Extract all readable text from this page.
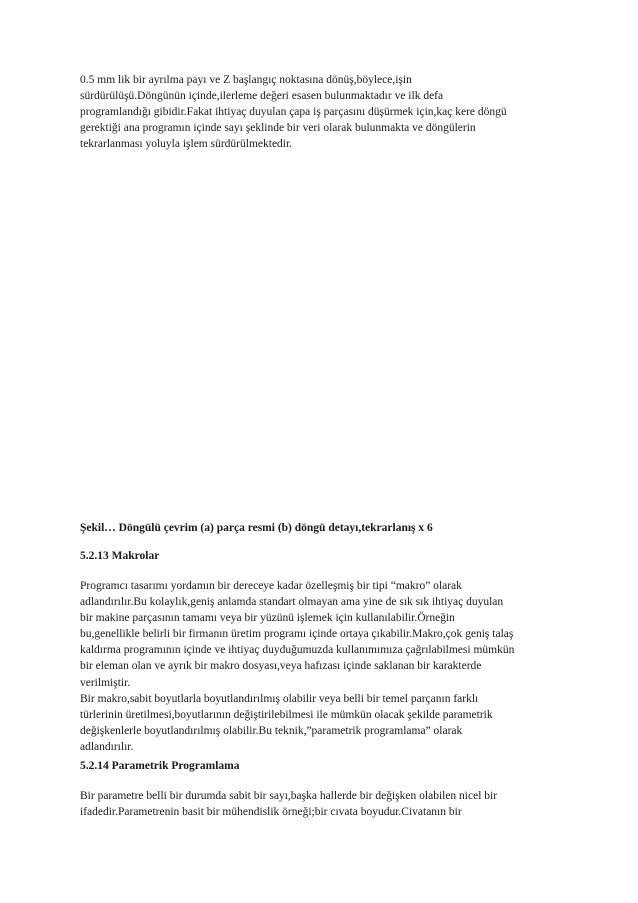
0.5 mm lik bir ayrılma payı ve Z başlangıç noktasına dönüş,böylece,işin
sürdürülüşü.Döngünün içinde,ilerleme değeri esasen bulunmaktadır ve ilk defa
programlandığı gibidir.Fakat ihtiyaç duyulan çapa iş parçasını düşürmek için,kaç kere döngü
gerektiği ana programın içinde sayı şeklinde bir veri olarak bulunmakta ve döngülerin
tekrarlanması yoluyla işlem sürdürülmektedir.
Şekil… Döngülü çevrim (a) parça resmi (b) döngü detayı,tekrarlanış x 6
5.2.13 Makrolar
Programcı tasarımı yordamın bir dereceye kadar özelleşmiş bir tipi “makro” olarak
adlandırılır.Bu kolaylık,geniş anlamda standart olmayan ama yine de sık sık ihtiyaç duyulan
bir makine parçasının tamamı veya bir yüzünü işlemek için kullanılabilir.Örneğin
bu,genellikle belirli bir firmanın üretim programı içinde ortaya çıkabilir.Makro,çok geniş talaş
kaldırma programının içinde ve ihtiyaç duyduğumuzda kullanımımıza çağrılabilmesi mümkün
bir eleman olan ve ayrık bir makro dosyası,veya hafızası içinde saklanan bir karakterde
verilmiştir.
Bir makro,sabit boyutlarla boyutlandırılmış olabilir veya belli bir temel parçanın farklı
türlerinin üretilmesi,boyutlarının değiştirilebilmesi ile mümkün olacak şekilde parametrik
değişkenlerle boyutlandırılmış olabilir.Bu teknik,”parametrik programlama” olarak
adlandırılır.
5.2.14 Parametrik Programlama
Bir parametre belli bir durumda sabit bir sayı,başka hallerde bir değişken olabilen nicel bir
ifadedir.Parametrenin basit bir mühendislik örneği;bir cıvata boyudur.Civatanın bir
